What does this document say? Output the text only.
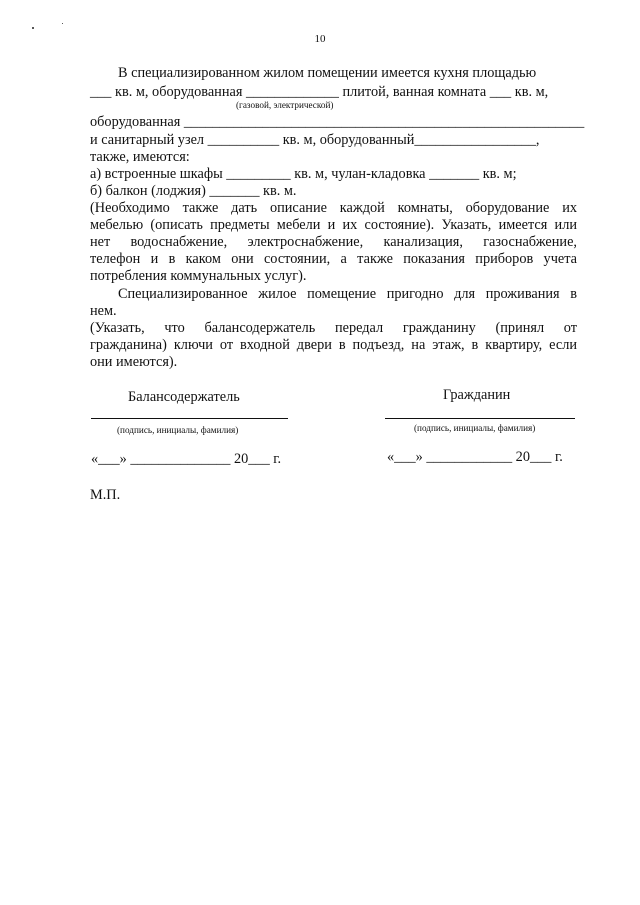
10
В специализированном жилом помещении имеется кухня площадью
___ кв. м, оборудованная _____________ плитой, ванная комната ___ кв. м,
(газовой, электрической)
оборудованная ________________________________________________________
и санитарный узел __________ кв. м, оборудованный_________________,
также, имеются:
а) встроенные шкафы _________ кв. м, чулан-кладовка _______ кв. м;
б) балкон (лоджия) _______ кв. м.
(Необходимо также дать описание каждой комнаты, оборудование их
мебелью (описать предметы мебели и их состояние). Указать, имеется или
нет водоснабжение, электроснабжение, канализация, газоснабжение,
телефон и в каком они состоянии, а также показания приборов учета
потребления коммунальных услуг).
Специализированное жилое помещение пригодно для проживания в
нем.
(Указать, что балансодержатель передал гражданину (принял от
гражданина) ключи от входной двери в подъезд, на этаж, в квартиру, если
они имеются).
Балансодержатель	Гражданин
(подпись, инициалы, фамилия)	(подпись, инициалы, фамилия)
«___» ______________ 20___ г.	«___» ____________ 20___ г.
М.П.
